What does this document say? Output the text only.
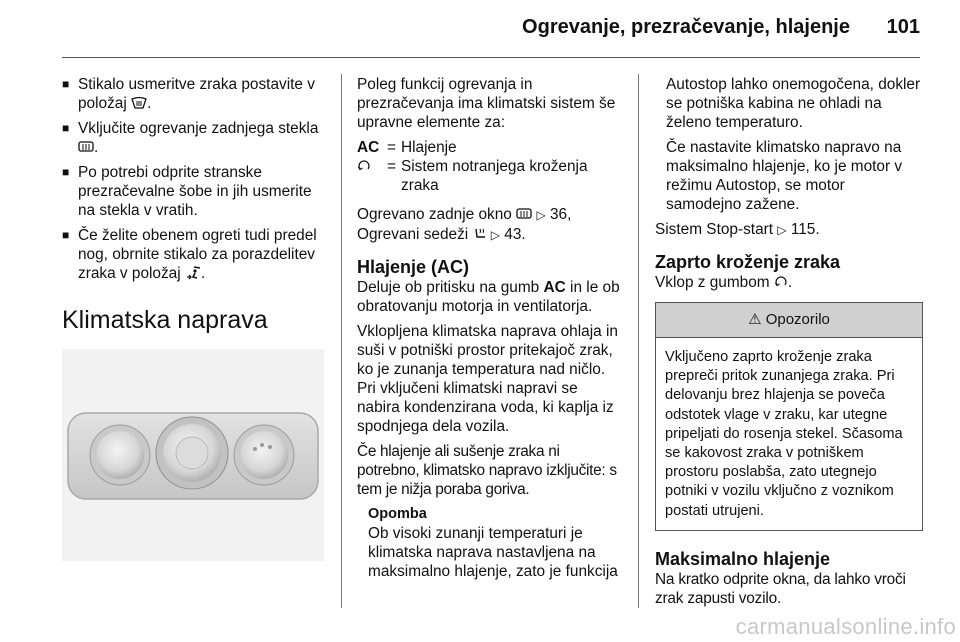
Ogrevanje, prezračevanje, hlajenje 101
■ Stikalo usmeritve zraka postavite v položaj .
■ Vključite ogrevanje zadnjega stekla .
■ Po potrebi odprite stranske prezračevalne šobe in jih usmerite na stekla v vratih.
■ Če želite obenem ogreti tudi predel nog, obrnite stikalo za porazdelitev zraka v položaj .
Klimatska naprava

Poleg funkcij ogrevanja in prezračevanja ima klimatski sistem še upravne elemente za:

AC = Hlajenje
= Sistem notranjega kroženja zraka

Ogrevano zadnje okno ▷ 36,

Ogrevani sedeži ▷ 43.

Hlajenje (AC)

Deluje ob pritisku na gumb AC in le ob obratovanju motorja in ventilatorja.

Vklopljena klimatska naprava ohlaja in suši v potniški prostor pritekajoč zrak, ko je zunanja temperatura nad ničlo. Pri vključeni klimatski napravi se nabira kondenzirana voda, ki kaplja iz spodnjega dela vozila.

Če hlajenje ali sušenje zraka ni potrebno, klimatsko napravo izklјučite: s tem je nižja poraba goriva.

Opomba

Ob visoki zunanji temperaturi je klimatska naprava nastavljena na maksimalno hlajenje, zato je funkcija

Autostop lahko onemogočena, dokler se potniška kabina ne ohladi na želeno temperaturo.

Če nastavite klimatsko napravo na maksimalno hlajenje, ko je motor v režimu Autostop, se motor samodejno zažene.

Sistem Stop-start ▷ 115.

Zaprto kroženje zraka

Vklop z gumbom .

⚠ Opozorilo
Vključeno zaprto kroženje zraka prepreči pritok zunanjega zraka. Pri delovanju brez hlajenja se poveča odstotek vlage v zraku, kar utegne pripeljati do rosenja stekel. Sčasoma se kakovost zraka v potniškem prostoru poslabša, zato utegnejo potniki v vozilu vključno z voznikom postati utrujeni.
Maksimalno hlajenje

Na kratko odprite okna, da lahko vroči zrak zapusti vozilo.

carmanualsonline.info
